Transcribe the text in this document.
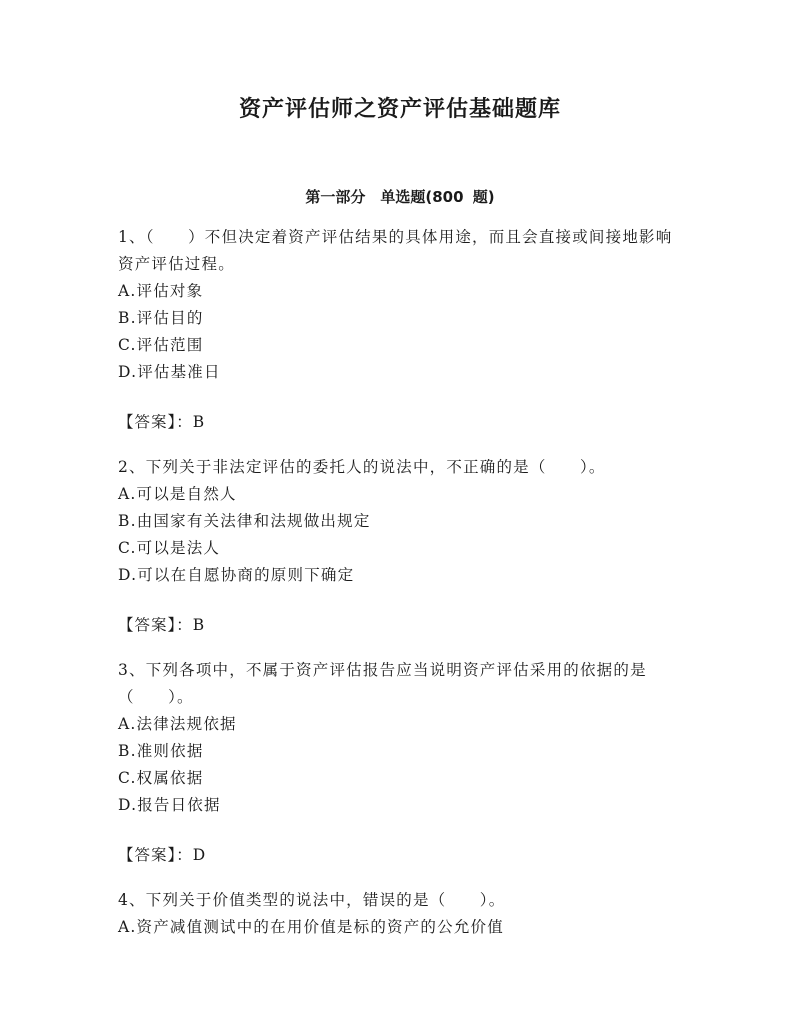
资产评估师之资产评估基础题库
第一部分　单选题(800 题)

1、（　　）不但决定着资产评估结果的具体用途，而且会直接或间接地影响资产评估过程。

A.评估对象

B.评估目的

C.评估范围

D.评估基准日

【答案】：B

2、下列关于非法定评估的委托人的说法中，不正确的是（　　）。

A.可以是自然人

B.由国家有关法律和法规做出规定

C.可以是法人

D.可以在自愿协商的原则下确定

【答案】：B

3、下列各项中，不属于资产评估报告应当说明资产评估采用的依据的是（　　）。

A.法律法规依据

B.准则依据

C.权属依据

D.报告日依据

【答案】：D

4、下列关于价值类型的说法中，错误的是（　　）。

A.资产减值测试中的在用价值是标的资产的公允价值
